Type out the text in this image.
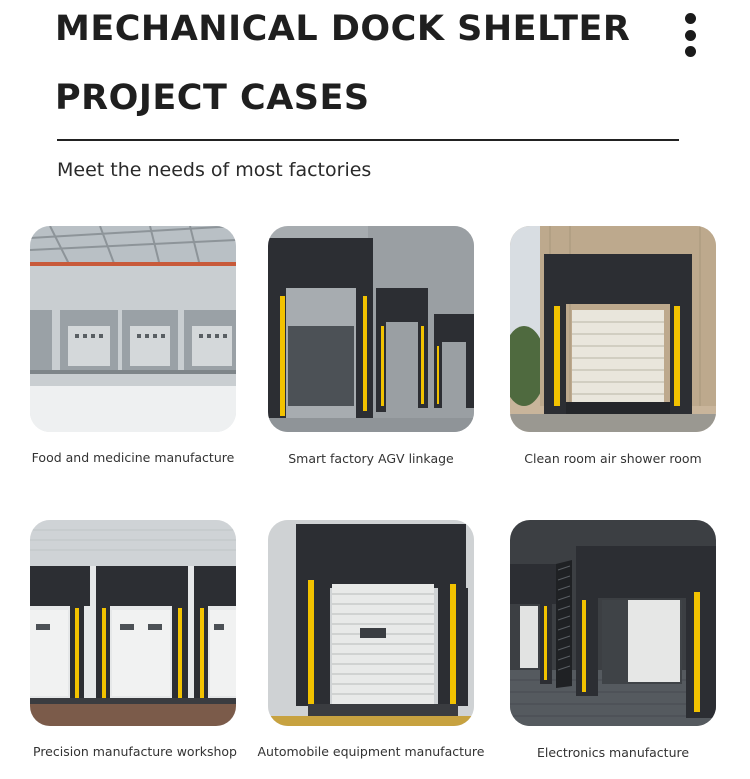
MECHANICAL DOCK SHELTER
PROJECT CASES

Meet the needs of most factories

Food and medicine manufacture	Smart factory AGV linkage	Clean room air shower room
Precision manufacture workshop	Automobile equipment manufacture	Electronics manufacture
